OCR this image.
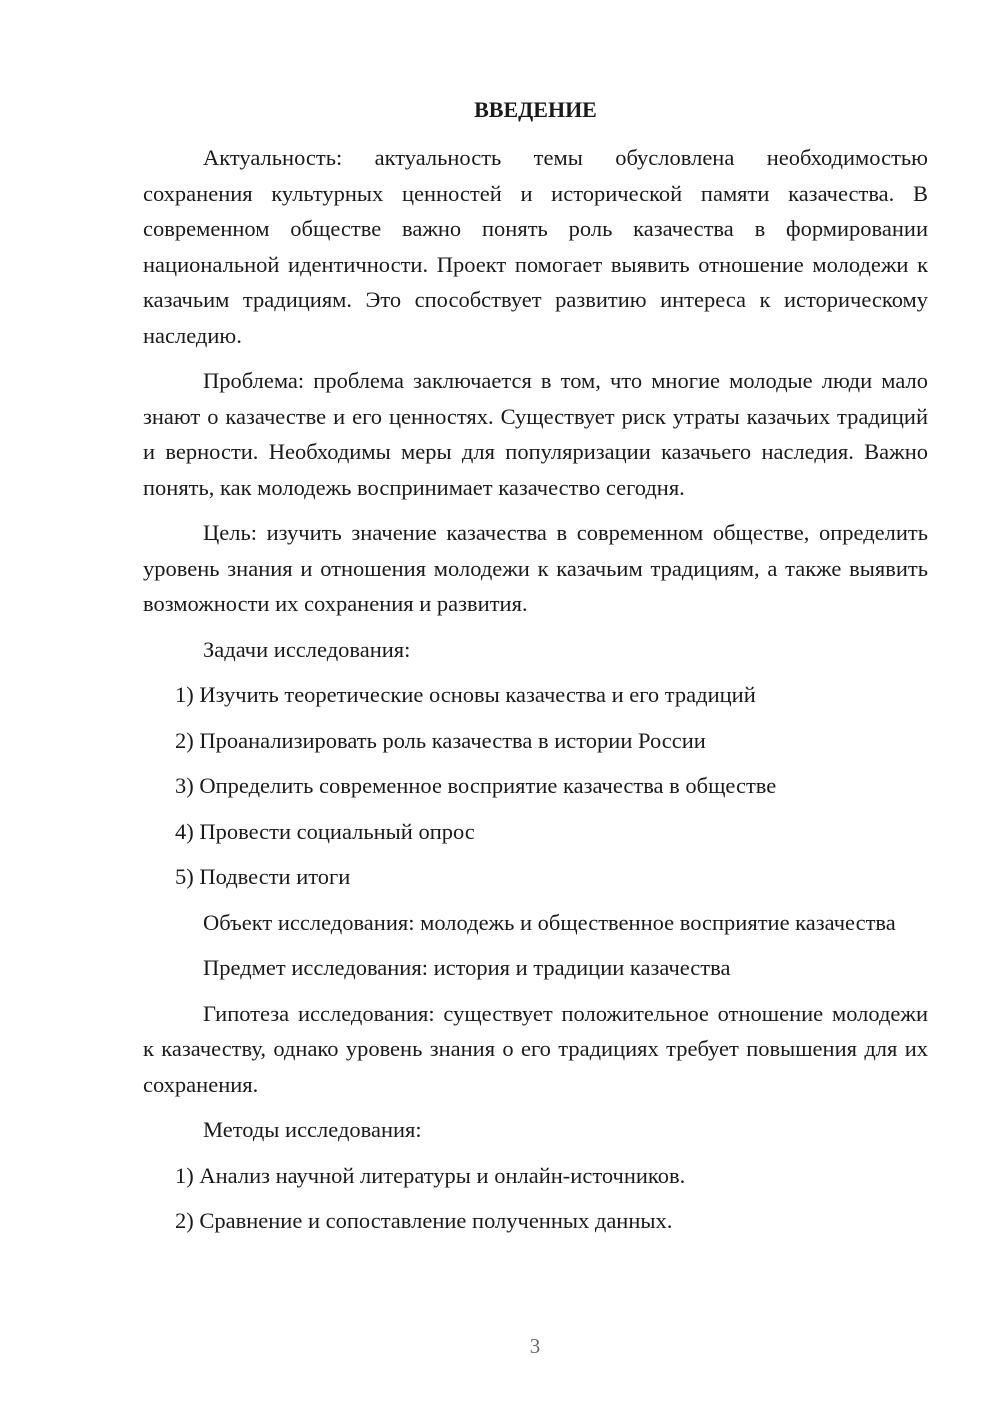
ВВЕДЕНИЕ

Актуальность: актуальность темы обусловлена необходимостью сохранения культурных ценностей и исторической памяти казачества. В современном обществе важно понять роль казачества в формировании национальной идентичности. Проект помогает выявить отношение молодежи к казачьим традициям. Это способствует развитию интереса к историческому наследию.

Проблема: проблема заключается в том, что многие молодые люди мало знают о казачестве и его ценностях. Существует риск утраты казачьих традиций и верности. Необходимы меры для популяризации казачьего наследия. Важно понять, как молодежь воспринимает казачество сегодня.

Цель: изучить значение казачества в современном обществе, определить уровень знания и отношения молодежи к казачьим традициям, а также выявить возможности их сохранения и развития.

Задачи исследования:

1) Изучить теоретические основы казачества и его традиций
2) Проанализировать роль казачества в истории России
3) Определить современное восприятие казачества в обществе
4) Провести социальный опрос
5) Подвести итоги

Объект исследования: молодежь и общественное восприятие казачества

Предмет исследования: история и традиции казачества

Гипотеза исследования: существует положительное отношение молодежи к казачеству, однако уровень знания о его традициях требует повышения для их сохранения.

Методы исследования:

1) Анализ научной литературы и онлайн-источников.
2) Сравнение и сопоставление полученных данных.
3
